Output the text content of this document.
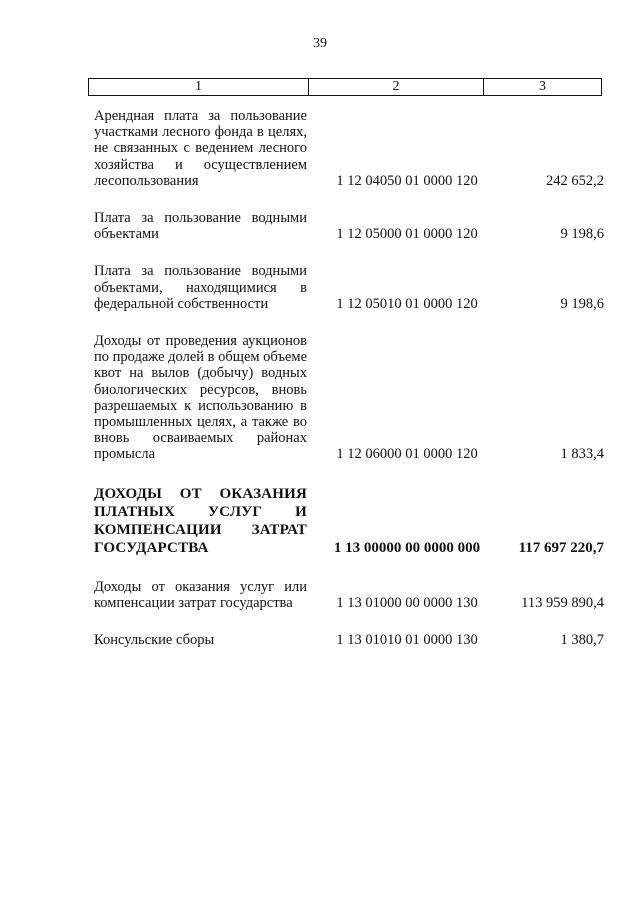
39
1	2	3
Арендная плата за пользование участками лесного фонда в целях, не связанных с ведением лесного хозяйства и осуществлением лесопользования	1 12 04050 01 0000 120	242 652,2
Плата за пользование водными объектами	1 12 05000 01 0000 120	9 198,6
Плата за пользование водными объектами, находящимися в федеральной собственности	1 12 05010 01 0000 120	9 198,6
Доходы от проведения аукционов по продаже долей в общем объеме квот на вылов (добычу) водных биологических ресурсов, вновь разрешаемых к использованию в промышленных целях, а также во вновь осваиваемых районах промысла	1 12 06000 01 0000 120	1 833,4
ДОХОДЫ ОТ ОКАЗАНИЯ ПЛАТНЫХ УСЛУГ И КОМПЕНСАЦИИ ЗАТРАТ ГОСУДАРСТВА	1 13 00000 00 0000 000	117 697 220,7
Доходы от оказания услуг или компенсации затрат государства	1 13 01000 00 0000 130	113 959 890,4
Консульские сборы	1 13 01010 01 0000 130	1 380,7
